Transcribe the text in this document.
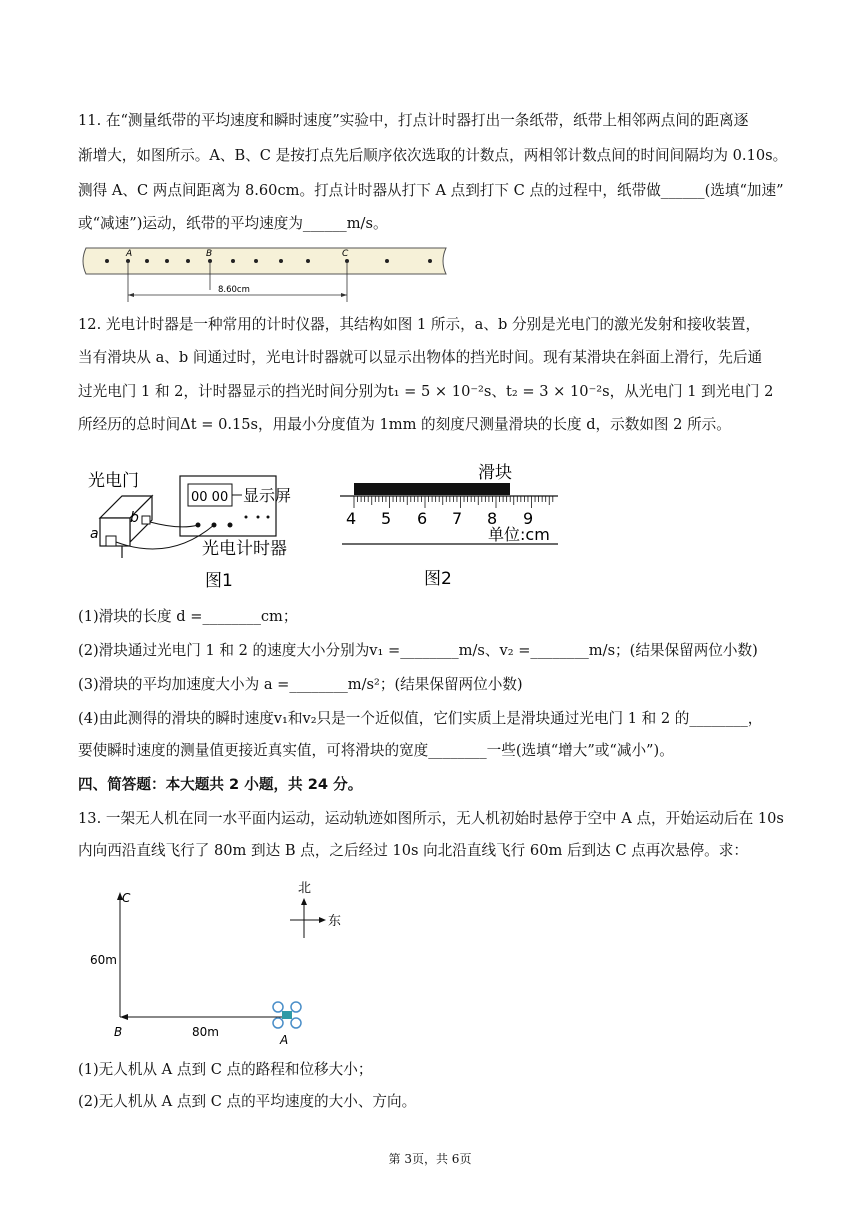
11. 在“测量纸带的平均速度和瞬时速度”实验中，打点计时器打出一条纸带，纸带上相邻两点间的距离逐
渐增大，如图所示。A、B、C 是按打点先后顺序依次选取的计数点，两相邻计数点间的时间间隔均为 0.10s。
测得 A、C 两点间距离为 8.60cm。打点计时器从打下 A 点到打下 C 点的过程中，纸带做______(选填“加速”
或“减速”)运动，纸带的平均速度为______m/s。
A	B	C
8.60cm
12. 光电计时器是一种常用的计时仪器，其结构如图 1 所示，a、b 分别是光电门的激光发射和接收装置，
当有滑块从 a、b 间通过时，光电计时器就可以显示出物体的挡光时间。现有某滑块在斜面上滑行，先后通
过光电门 1 和 2，计时器显示的挡光时间分别为t₁ = 5 × 10⁻²s、t₂ = 3 × 10⁻²s，从光电门 1 到光电门 2
所经历的总时间Δt = 0.15s，用最小分度值为 1mm 的刻度尺测量滑块的长度 d，示数如图 2 所示。
光电门
a
b
00 00 显示屏
光电计时器
图1
滑块
4 5 6 7 8 9
单位:cm
图2
(1)滑块的长度 d =________cm；
(2)滑块通过光电门 1 和 2 的速度大小分别为v₁ =________m/s、v₂ =________m/s；(结果保留两位小数)
(3)滑块的平均加速度大小为 a =________m/s²；(结果保留两位小数)
(4)由此测得的滑块的瞬时速度v₁和v₂只是一个近似值，它们实质上是滑块通过光电门 1 和 2 的________，
要使瞬时速度的测量值更接近真实值，可将滑块的宽度________一些(选填“增大”或“减小”)。
四、简答题：本大题共 2 小题，共 24 分。
13. 一架无人机在同一水平面内运动，运动轨迹如图所示，无人机初始时悬停于空中 A 点，开始运动后在 10s
内向西沿直线飞行了 80m 到达 B 点，之后经过 10s 向北沿直线飞行 60m 后到达 C 点再次悬停。求：
C
60m
B	80m
A
北
东
(1)无人机从 A 点到 C 点的路程和位移大小；
(2)无人机从 A 点到 C 点的平均速度的大小、方向。
第 3页，共 6页
